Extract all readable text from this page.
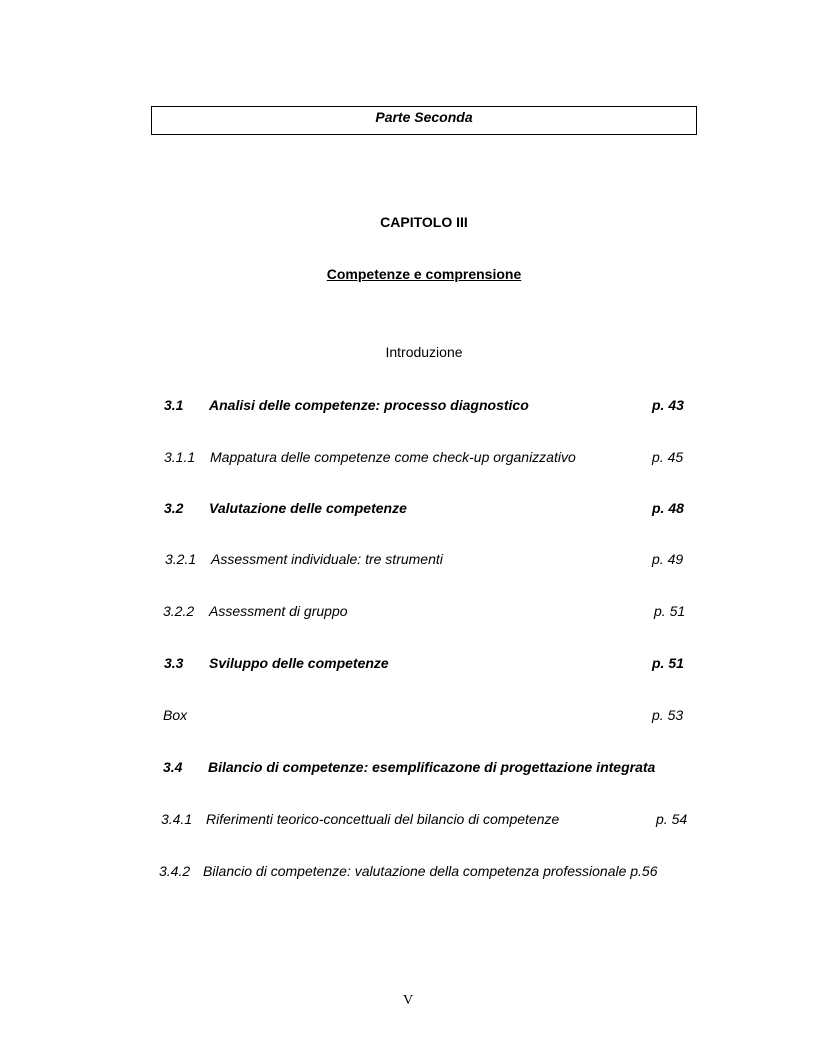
Parte Seconda
CAPITOLO III
Competenze e comprensione
Introduzione
3.1 Analisi delle competenze: processo diagnostico	p. 43
3.1.1 Mappatura delle competenze come check-up organizzativo	p. 45
3.2 Valutazione delle competenze	p. 48
3.2.1 Assessment individuale: tre strumenti	p. 49
3.2.2 Assessment di gruppo	p. 51
3.3 Sviluppo delle competenze	p. 51
Box	p. 53
3.4 Bilancio di competenze: esemplificazone di progettazione integrata
3.4.1 Riferimenti teorico-concettuali del bilancio di competenze	p. 54
3.4.2 Bilancio di competenze: valutazione della competenza professionale p.56
V
